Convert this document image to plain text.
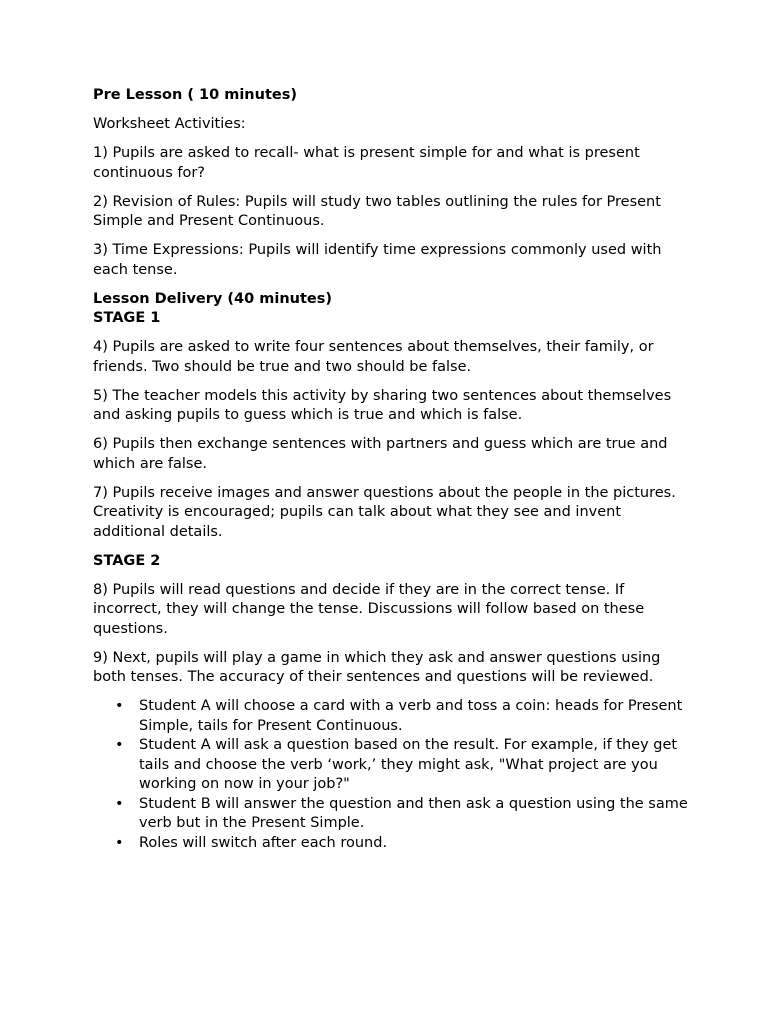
Pre Lesson ( 10 minutes)
Worksheet Activities:
1) Pupils are asked to recall- what is present simple for and what is present continuous for?
2) Revision of Rules: Pupils will study two tables outlining the rules for Present Simple and Present Continuous.
3) Time Expressions: Pupils will identify time expressions commonly used with each tense.
Lesson Delivery (40 minutes)
STAGE 1
4) Pupils are asked to write four sentences about themselves, their family, or friends. Two should be true and two should be false.
5) The teacher models this activity by sharing two sentences about themselves and asking pupils to guess which is true and which is false.
6) Pupils then exchange sentences with partners and guess which are true and which are false.
7) Pupils receive images and answer questions about the people in the pictures. Creativity is encouraged; pupils can talk about what they see and invent additional details.
STAGE 2
8) Pupils will read questions and decide if they are in the correct tense. If incorrect, they will change the tense. Discussions will follow based on these questions.
9) Next, pupils will play a game in which they ask and answer questions using both tenses. The accuracy of their sentences and questions will be reviewed.
• Student A will choose a card with a verb and toss a coin: heads for Present Simple, tails for Present Continuous.
• Student A will ask a question based on the result. For example, if they get tails and choose the verb ‘work,’ they might ask, "What project are you working on now in your job?"
• Student B will answer the question and then ask a question using the same verb but in the Present Simple.
• Roles will switch after each round.
